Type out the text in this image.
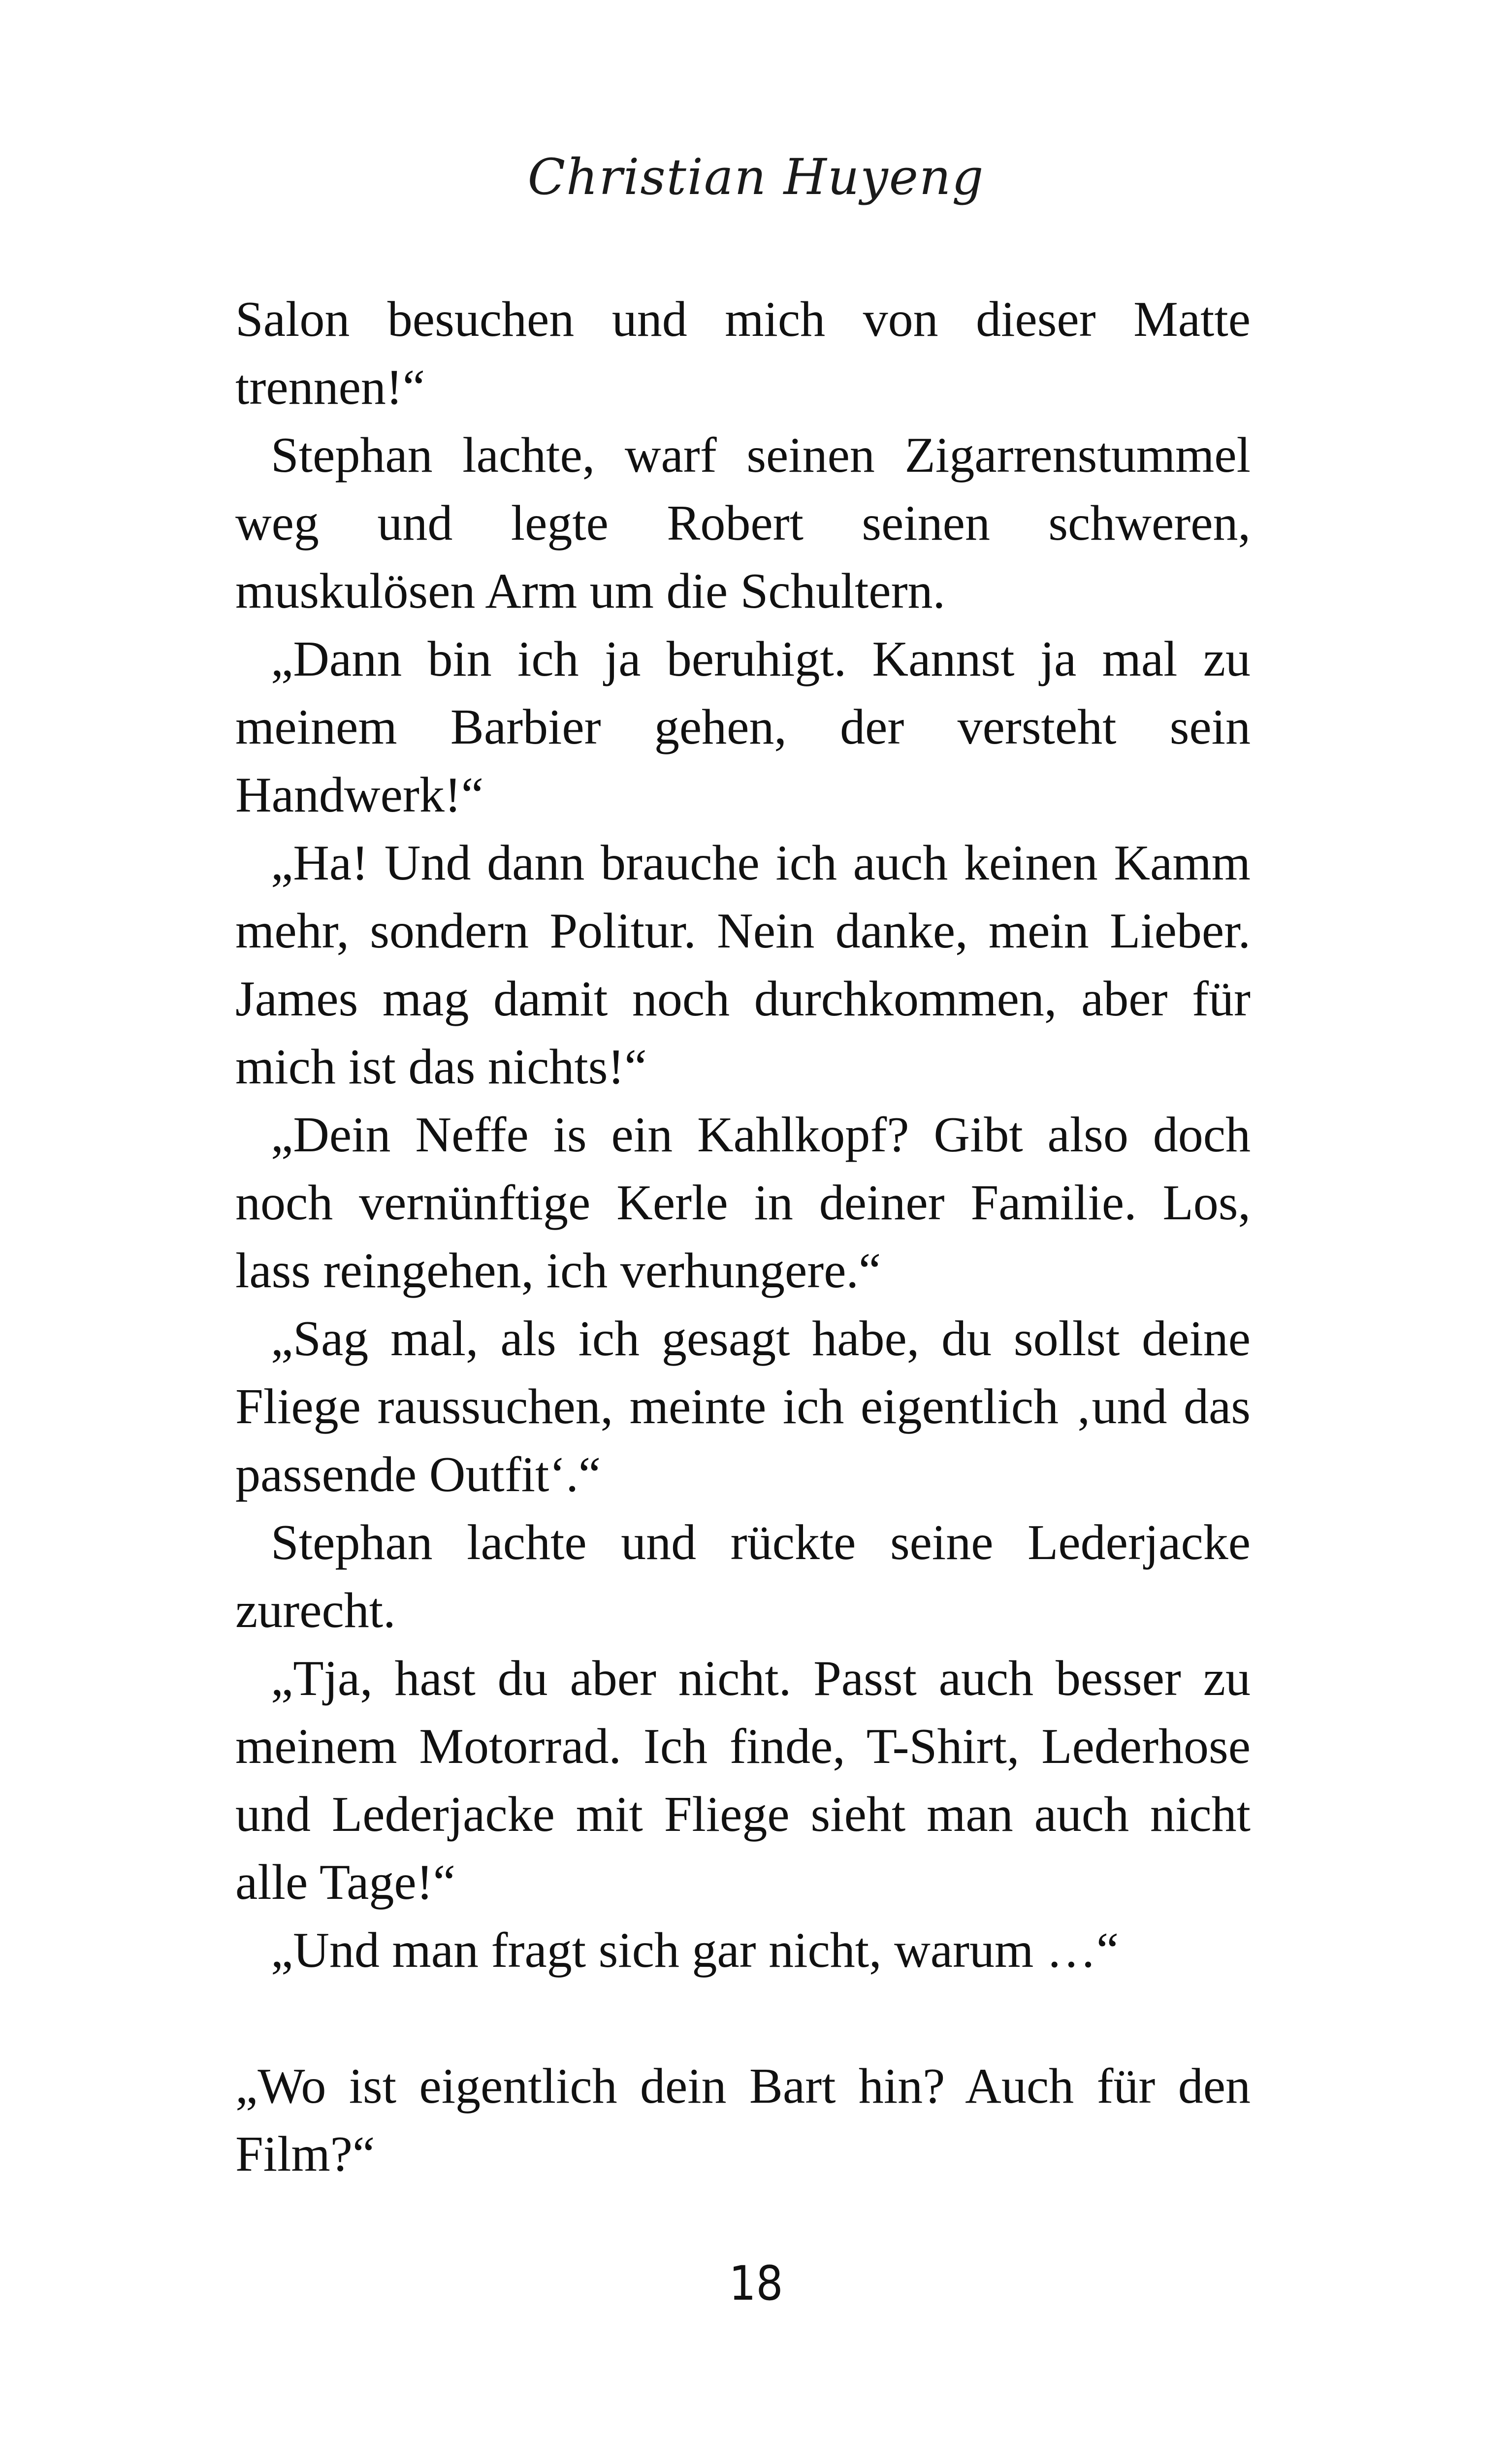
Christian Huyeng

Salon besuchen und mich von dieser Matte trennen!“

Stephan lachte, warf seinen Zigarrenstummel weg und legte Robert seinen schweren, muskulösen Arm um die Schultern.

„Dann bin ich ja beruhigt. Kannst ja mal zu meinem Barbier gehen, der versteht sein Handwerk!“

„Ha! Und dann brauche ich auch keinen Kamm mehr, sondern Politur. Nein danke, mein Lieber. James mag damit noch durchkommen, aber für mich ist das nichts!“

„Dein Neffe is ein Kahlkopf? Gibt also doch noch vernünftige Kerle in deiner Familie. Los, lass reingehen, ich verhungere.“

„Sag mal, als ich gesagt habe, du sollst deine Fliege raussuchen, meinte ich eigentlich ‚und das passende Outfit‘.“

Stephan lachte und rückte seine Lederjacke zurecht.

„Tja, hast du aber nicht. Passt auch besser zu meinem Motorrad. Ich finde, T-Shirt, Lederhose und Lederjacke mit Fliege sieht man auch nicht alle Tage!“

„Und man fragt sich gar nicht, warum …“

„Wo ist eigentlich dein Bart hin? Auch für den Film?“

18
